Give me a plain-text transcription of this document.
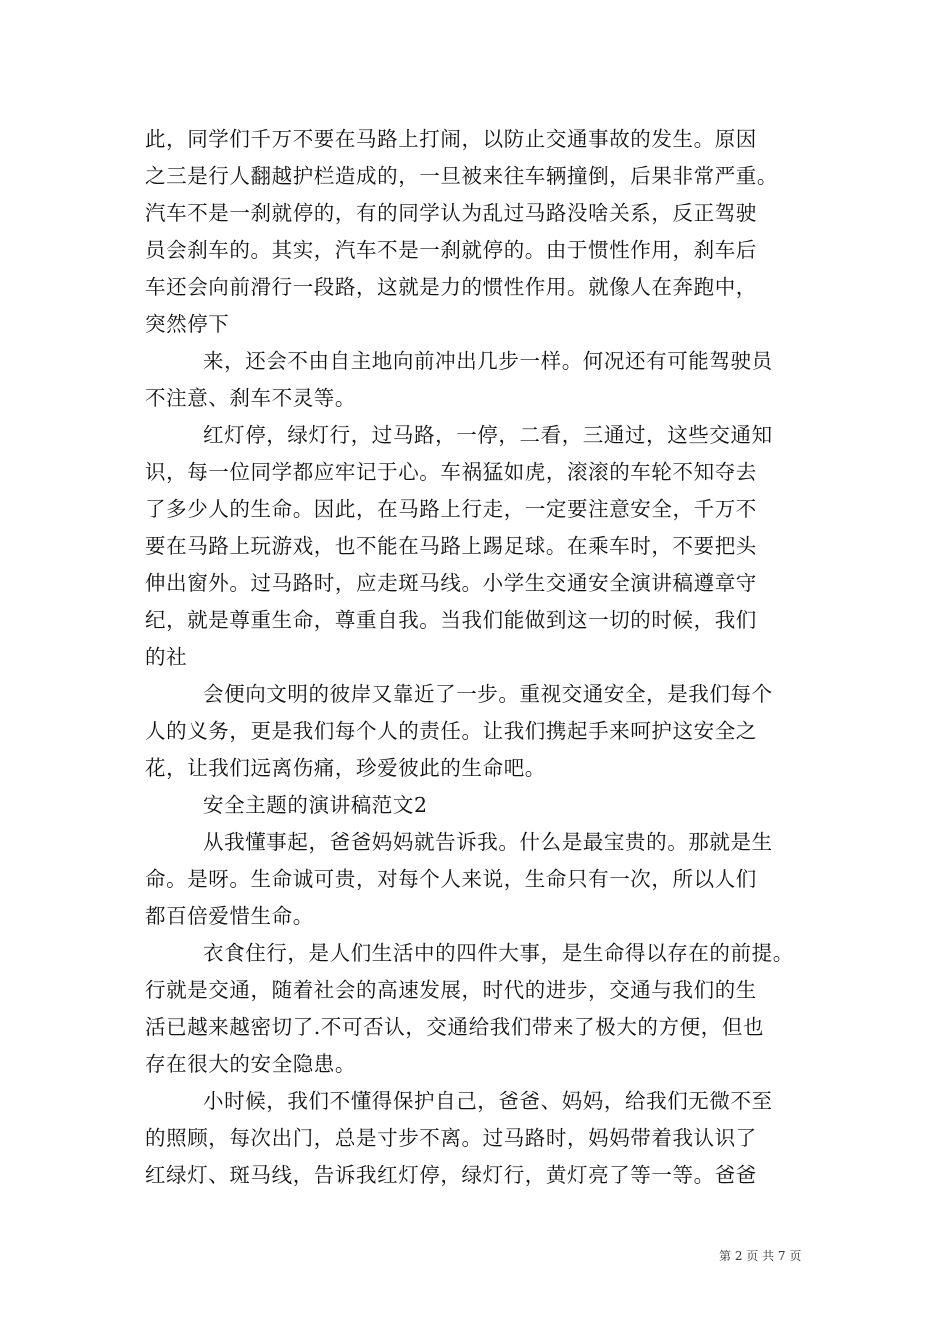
此，同学们千万不要在马路上打闹，以防止交通事故的发生。原因
之三是行人翻越护栏造成的，一旦被来往车辆撞倒，后果非常严重。
汽车不是一刹就停的，有的同学认为乱过马路没啥关系，反正驾驶
员会刹车的。其实，汽车不是一刹就停的。由于惯性作用，刹车后
车还会向前滑行一段路，这就是力的惯性作用。就像人在奔跑中，
突然停下
来，还会不由自主地向前冲出几步一样。何况还有可能驾驶员
不注意、刹车不灵等。
红灯停，绿灯行，过马路，一停，二看，三通过，这些交通知
识，每一位同学都应牢记于心。车祸猛如虎，滚滚的车轮不知夺去
了多少人的生命。因此，在马路上行走，一定要注意安全，千万不
要在马路上玩游戏，也不能在马路上踢足球。在乘车时，不要把头
伸出窗外。过马路时，应走斑马线。小学生交通安全演讲稿遵章守
纪，就是尊重生命，尊重自我。当我们能做到这一切的时候，我们
的社
会便向文明的彼岸又靠近了一步。重视交通安全，是我们每个
人的义务，更是我们每个人的责任。让我们携起手来呵护这安全之
花，让我们远离伤痛，珍爱彼此的生命吧。
安全主题的演讲稿范文2
从我懂事起，爸爸妈妈就告诉我。什么是最宝贵的。那就是生
命。是呀。生命诚可贵，对每个人来说，生命只有一次，所以人们
都百倍爱惜生命。
衣食住行，是人们生活中的四件大事，是生命得以存在的前提。
行就是交通，随着社会的高速发展，时代的进步，交通与我们的生
活已越来越密切了.不可否认，交通给我们带来了极大的方便，但也
存在很大的安全隐患。
小时候，我们不懂得保护自己，爸爸、妈妈，给我们无微不至
的照顾，每次出门，总是寸步不离。过马路时，妈妈带着我认识了
红绿灯、斑马线，告诉我红灯停，绿灯行，黄灯亮了等一等。爸爸
第 2 页 共 7 页
